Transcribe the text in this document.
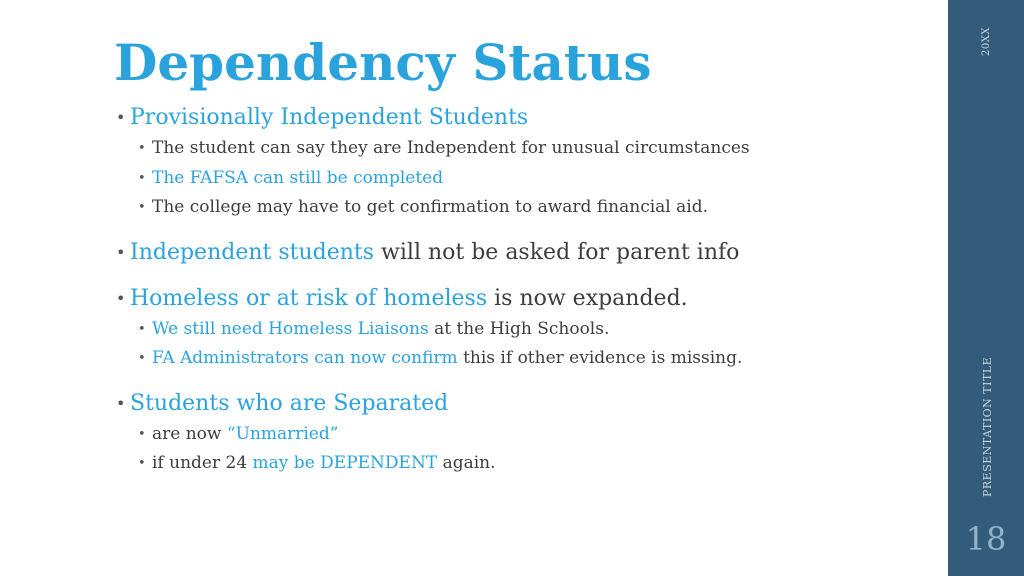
Dependency Status
• Provisionally Independent Students
• The student can say they are Independent for unusual circumstances
• The FAFSA can still be completed
• The college may have to get confirmation to award financial aid.
• Independent students will not be asked for parent info
• Homeless or at risk of homeless is now expanded.
• We still need Homeless Liaisons at the High Schools.
• FA Administrators can now confirm this if other evidence is missing.
• Students who are Separated
• are now “Unmarried”
• if under 24 may be DEPENDENT again.
20XX
PRESENTATION TITLE
18
